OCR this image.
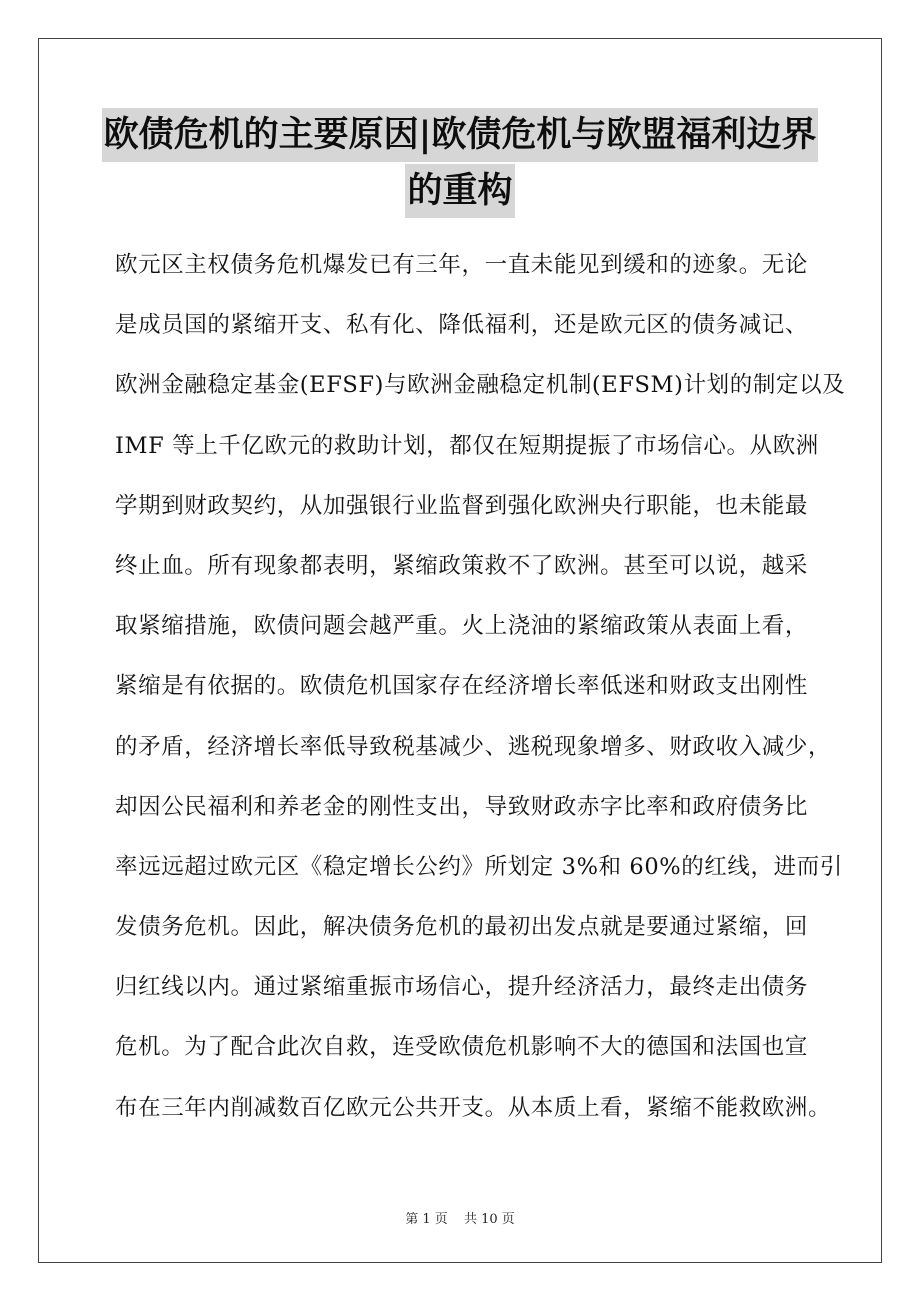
欧债危机的主要原因|欧债危机与欧盟福利边界
的重构
欧元区主权债务危机爆发已有三年，一直未能见到缓和的迹象。无论
是成员国的紧缩开支、私有化、降低福利，还是欧元区的债务减记、
欧洲金融稳定基金(EFSF)与欧洲金融稳定机制(EFSM)计划的制定以及
IMF 等上千亿欧元的救助计划，都仅在短期提振了市场信心。从欧洲
学期到财政契约，从加强银行业监督到强化欧洲央行职能，也未能最
终止血。所有现象都表明，紧缩政策救不了欧洲。甚至可以说，越采
取紧缩措施，欧债问题会越严重。火上浇油的紧缩政策从表面上看，
紧缩是有依据的。欧债危机国家存在经济增长率低迷和财政支出刚性
的矛盾，经济增长率低导致税基减少、逃税现象增多、财政收入减少，
却因公民福利和养老金的刚性支出，导致财政赤字比率和政府债务比
率远远超过欧元区《稳定增长公约》所划定 3%和 60%的红线，进而引
发债务危机。因此，解决债务危机的最初出发点就是要通过紧缩，回
归红线以内。通过紧缩重振市场信心，提升经济活力，最终走出债务
危机。为了配合此次自救，连受欧债危机影响不大的德国和法国也宣
布在三年内削减数百亿欧元公共开支。从本质上看，紧缩不能救欧洲。
第 1 页 共 10 页
